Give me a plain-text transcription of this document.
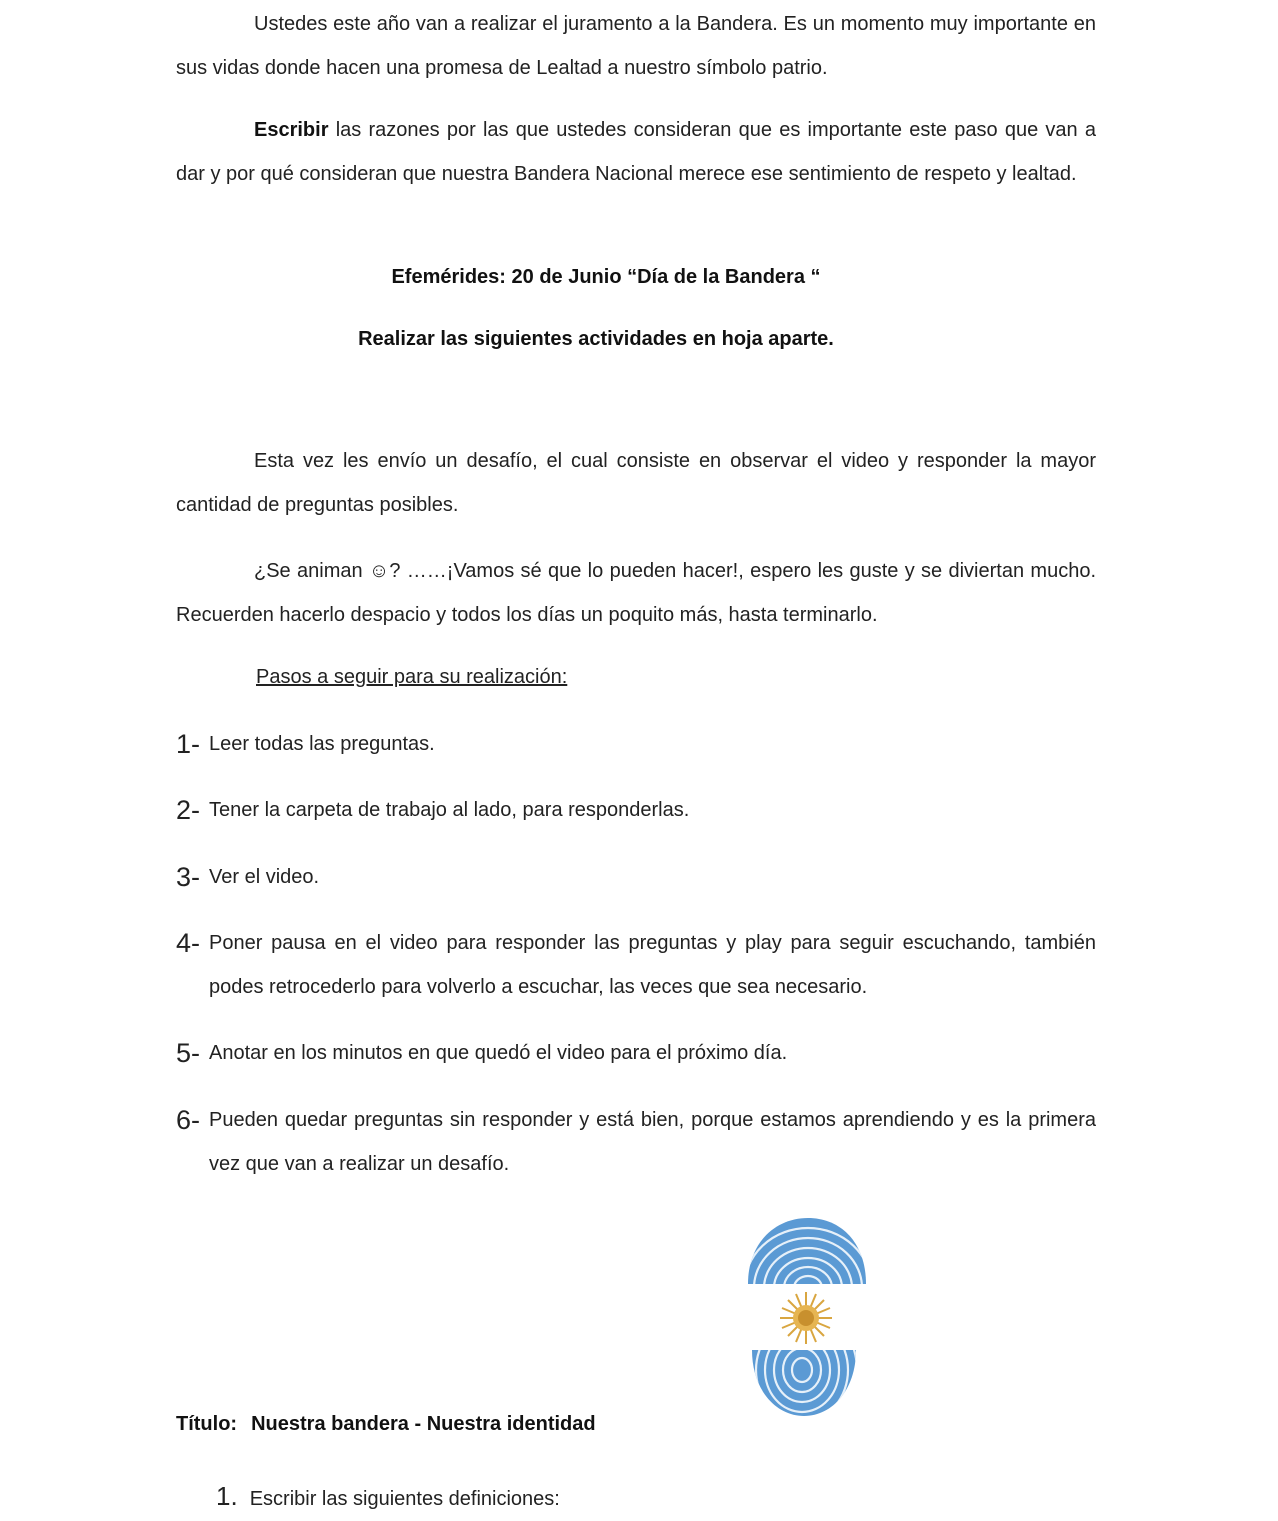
Ustedes este año van a realizar el juramento a la Bandera. Es un momento muy importante en sus vidas donde hacen una promesa de Lealtad a nuestro símbolo patrio.
Escribir las razones por las que ustedes consideran que es importante este paso que van a dar y por qué consideran que nuestra Bandera Nacional merece ese sentimiento de respeto y lealtad.
Efemérides: 20 de Junio “Día de la Bandera “
Realizar las siguientes actividades en hoja aparte.
Esta vez les envío un desafío, el cual consiste en observar el video y responder la mayor cantidad de preguntas posibles.
¿Se animan ☺? ……¡Vamos sé que lo pueden hacer!, espero les guste y se diviertan mucho. Recuerden hacerlo despacio y todos los días un poquito más, hasta terminarlo.
Pasos a seguir para su realización:
1- Leer todas las preguntas.
2- Tener la carpeta de trabajo al lado, para responderlas.
3- Ver el video.
4- Poner pausa en el video para responder las preguntas y play para seguir escuchando, también podes retrocederlo para volverlo a escuchar, las veces que sea necesario.
5- Anotar en los minutos en que quedó el video para el próximo día.
6- Pueden quedar preguntas sin responder y está bien, porque estamos aprendiendo y es la primera vez que van a realizar un desafío.
Título: Nuestra bandera - Nuestra identidad
1. Escribir las siguientes definiciones:
